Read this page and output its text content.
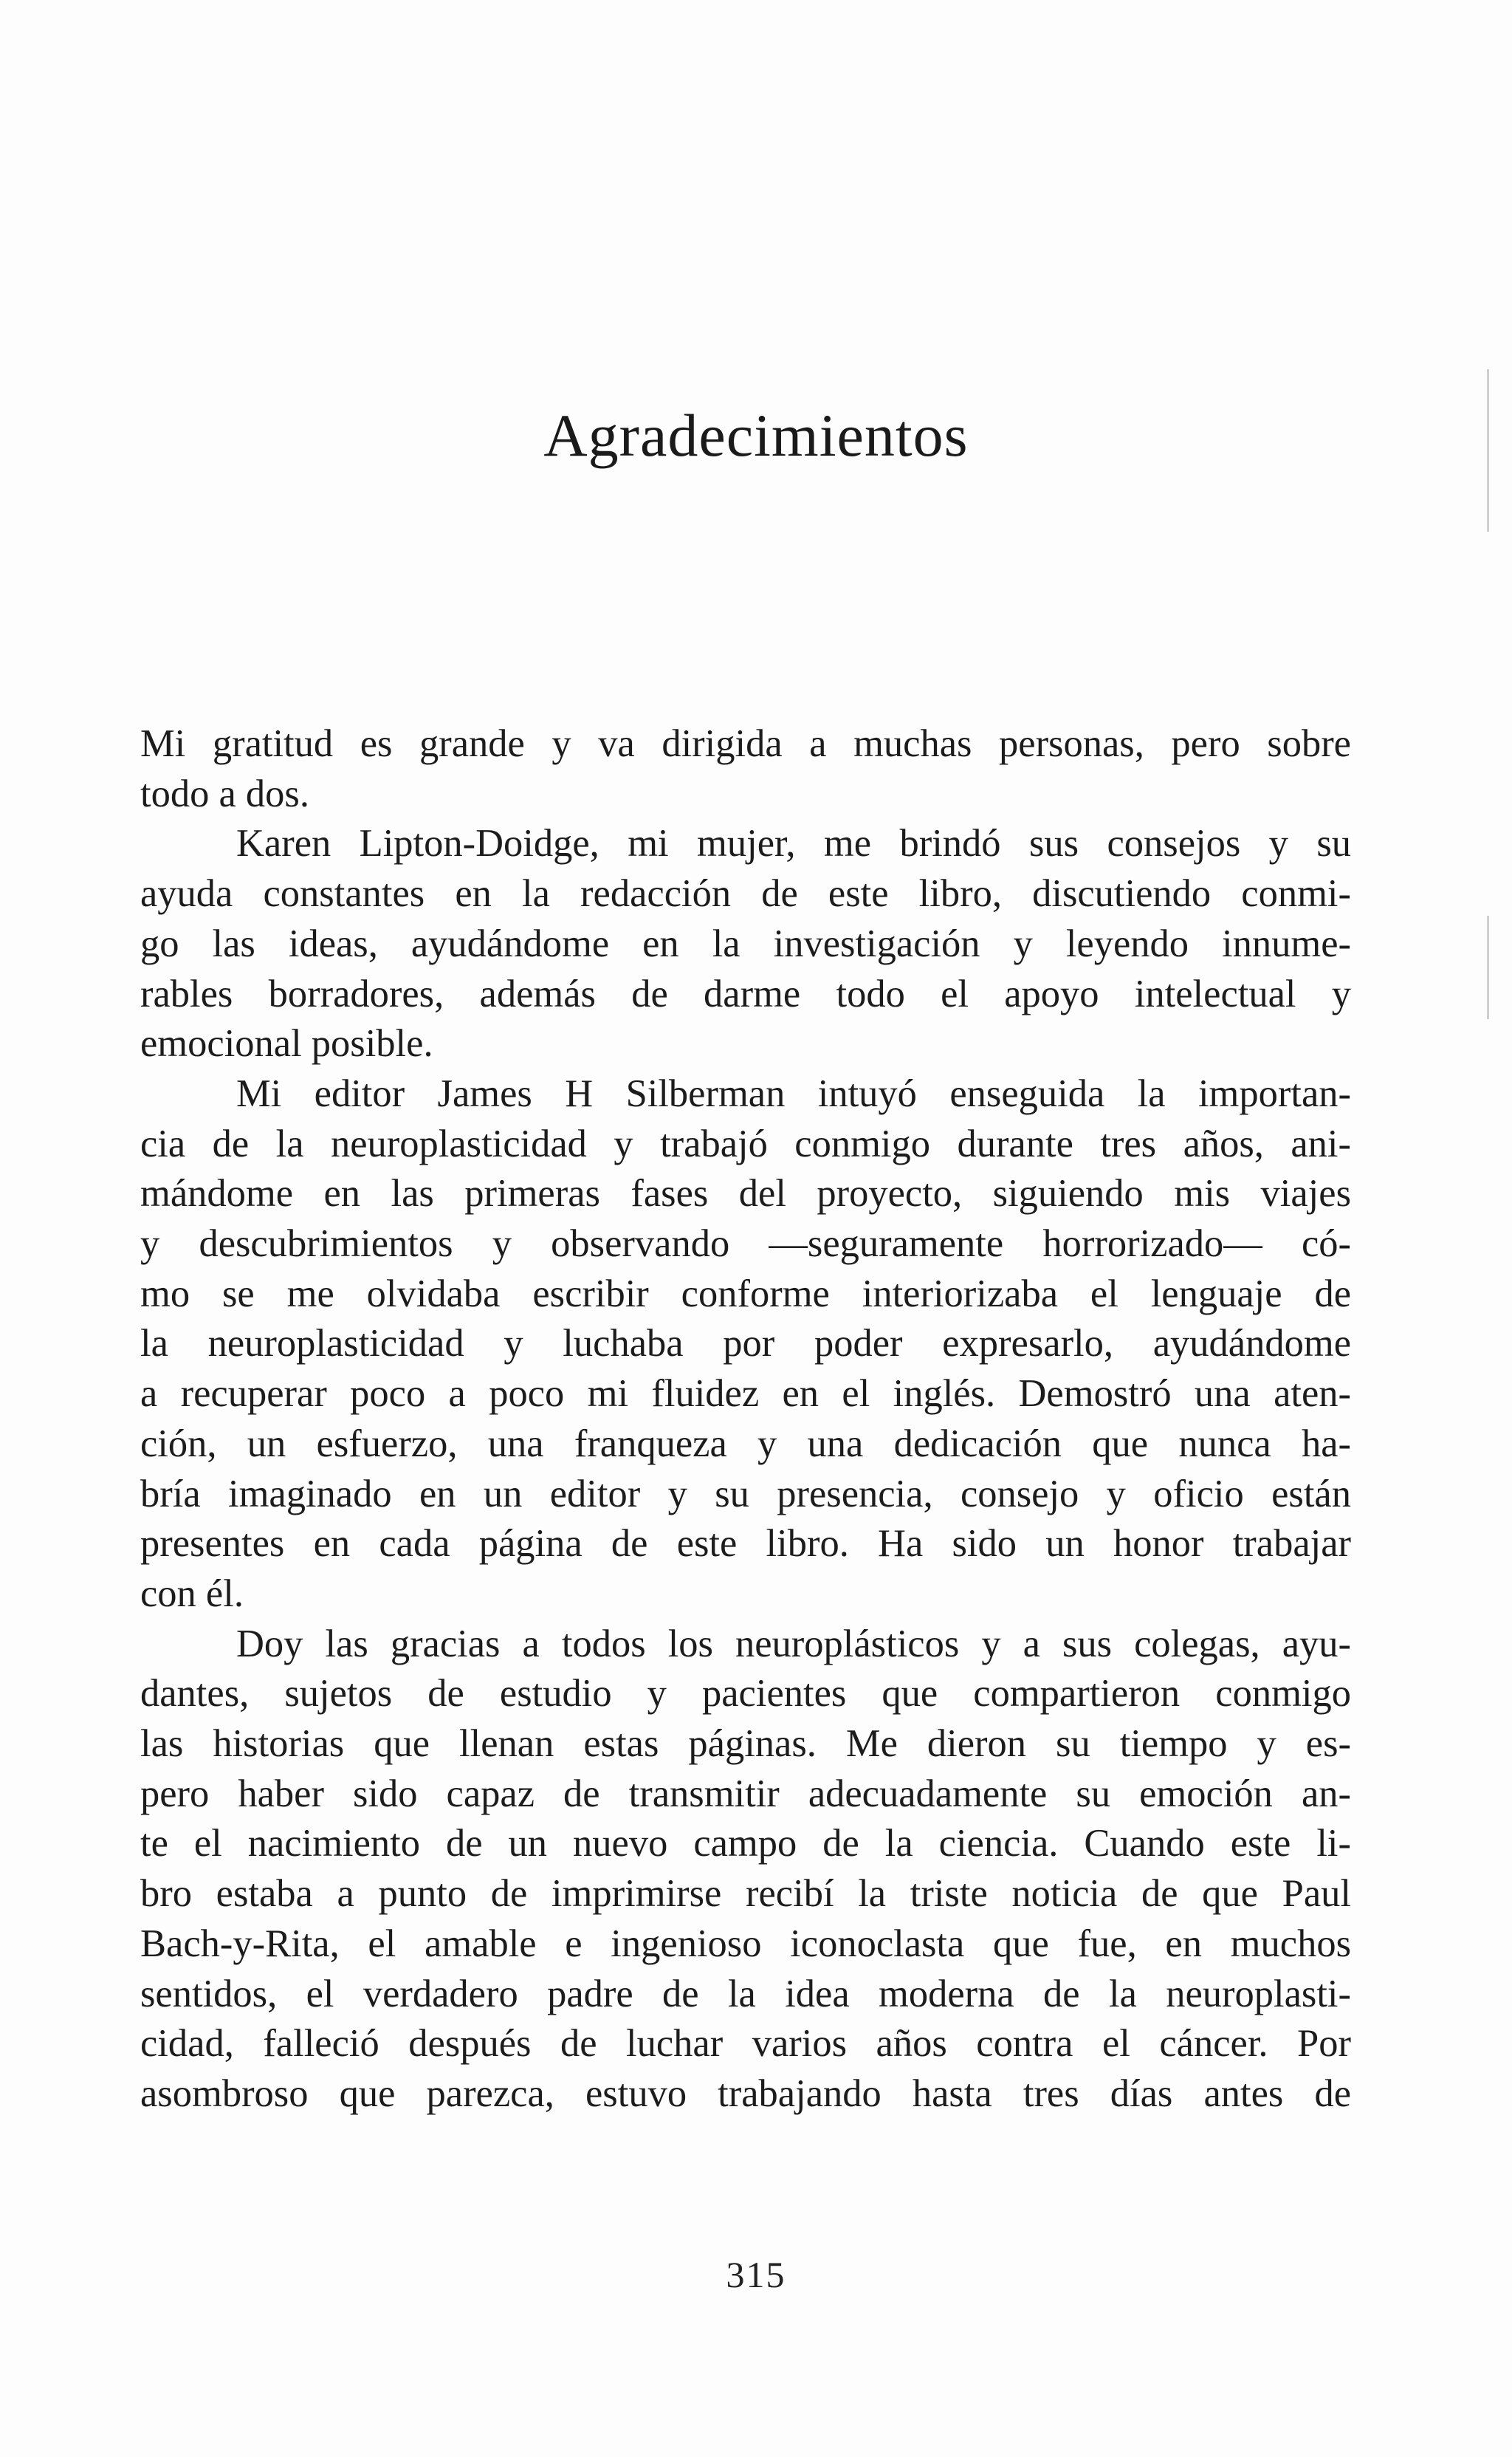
Agradecimientos
Mi gratitud es grande y va dirigida a muchas personas, pero sobre
todo a dos.
Karen Lipton-Doidge, mi mujer, me brindó sus consejos y su
ayuda constantes en la redacción de este libro, discutiendo conmi-
go las ideas, ayudándome en la investigación y leyendo innume-
rables borradores, además de darme todo el apoyo intelectual y
emocional posible.
Mi editor James H Silberman intuyó enseguida la importan-
cia de la neuroplasticidad y trabajó conmigo durante tres años, ani-
mándome en las primeras fases del proyecto, siguiendo mis viajes
y descubrimientos y observando —seguramente horrorizado— có-
mo se me olvidaba escribir conforme interiorizaba el lenguaje de
la neuroplasticidad y luchaba por poder expresarlo, ayudándome
a recuperar poco a poco mi fluidez en el inglés. Demostró una aten-
ción, un esfuerzo, una franqueza y una dedicación que nunca ha-
bría imaginado en un editor y su presencia, consejo y oficio están
presentes en cada página de este libro. Ha sido un honor trabajar
con él.
Doy las gracias a todos los neuroplásticos y a sus colegas, ayu-
dantes, sujetos de estudio y pacientes que compartieron conmigo
las historias que llenan estas páginas. Me dieron su tiempo y es-
pero haber sido capaz de transmitir adecuadamente su emoción an-
te el nacimiento de un nuevo campo de la ciencia. Cuando este li-
bro estaba a punto de imprimirse recibí la triste noticia de que Paul
Bach-y-Rita, el amable e ingenioso iconoclasta que fue, en muchos
sentidos, el verdadero padre de la idea moderna de la neuroplasti-
cidad, falleció después de luchar varios años contra el cáncer. Por
asombroso que parezca, estuvo trabajando hasta tres días antes de
315
